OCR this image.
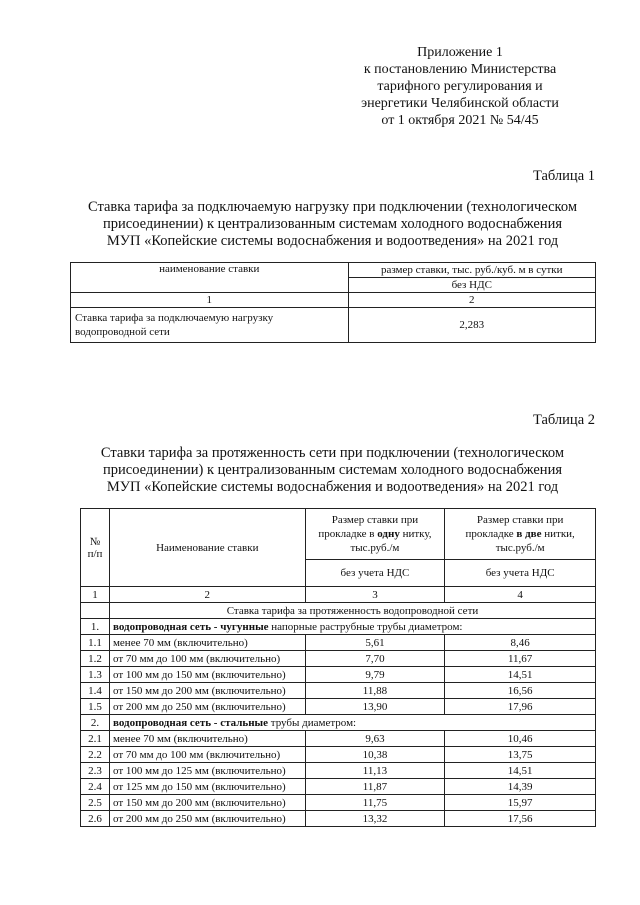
Приложение 1
к постановлению Министерства
тарифного регулирования и
энергетики Челябинской области
от 1 октября 2021 № 54/45
Таблица 1
Ставка тарифа за подключаемую нагрузку при подключении (технологическом
присоединении) к централизованным системам холодного водоснабжения
МУП «Копейские системы водоснабжения и водоотведения» на 2021 год
наименование ставки	размер ставки, тыс. руб./куб. м в сутки
	без НДС
1	2
Ставка тарифа за подключаемую нагрузку
водопроводной сети	2,283
Таблица 2
Ставки тарифа за протяженность сети при подключении (технологическом
присоединении) к централизованным системам холодного водоснабжения
МУП «Копейские системы водоснабжения и водоотведения» на 2021 год
№
п/п	Наименование ставки	Размер ставки при
прокладке в одну нитку,
тыс.руб./м	Размер ставки при
прокладке в две нитки,
тыс.руб./м
		без учета НДС	без учета НДС
1	2	3	4
	Ставка тарифа за протяженность водопроводной сети		
1.	водопроводная сеть - чугунные напорные раструбные трубы диаметром:		
1.1	менее 70 мм (включительно)	5,61	8,46
1.2	от 70 мм до 100 мм (включительно)	7,70	11,67
1.3	от 100 мм до 150 мм (включительно)	9,79	14,51
1.4	от 150 мм до 200 мм (включительно)	11,88	16,56
1.5	от 200 мм до 250 мм (включительно)	13,90	17,96
2.	водопроводная сеть - стальные трубы диаметром:		
2.1	менее 70 мм (включительно)	9,63	10,46
2.2	от 70 мм до 100 мм (включительно)	10,38	13,75
2.3	от 100 мм до 125 мм (включительно)	11,13	14,51
2.4	от 125 мм до 150 мм (включительно)	11,87	14,39
2.5	от 150 мм до 200 мм (включительно)	11,75	15,97
2.6	от 200 мм до 250 мм (включительно)	13,32	17,56
